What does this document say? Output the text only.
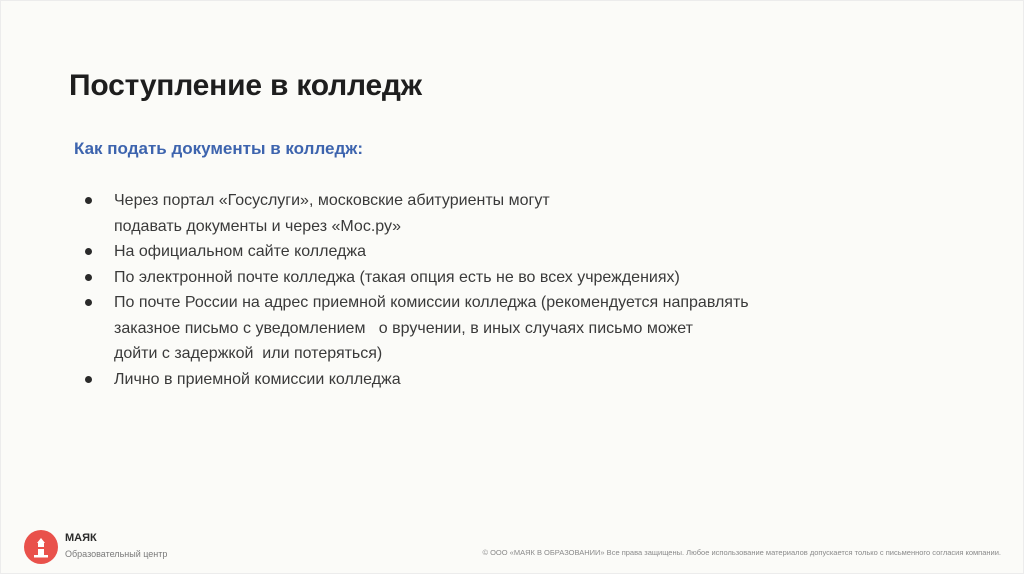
Поступление в колледж
Как подать документы в колледж:
Через портал «Госуслуги», московские абитуриенты могут
подавать документы и через «Мос.ру»
На официальном сайте колледжа
По электронной почте колледжа (такая опция есть не во всех учреждениях)
По почте России на адрес приемной комиссии колледжа (рекомендуется направлять
заказное письмо с уведомлением   о вручении, в иных случаях письмо может
дойти с задержкой  или потеряться)
Лично в приемной комиссии колледжа
МАЯК
Образовательный центр	© ООО «МАЯК В ОБРАЗОВАНИИ» Все права защищены. Любое использование материалов допускается только с письменного согласия компании.
